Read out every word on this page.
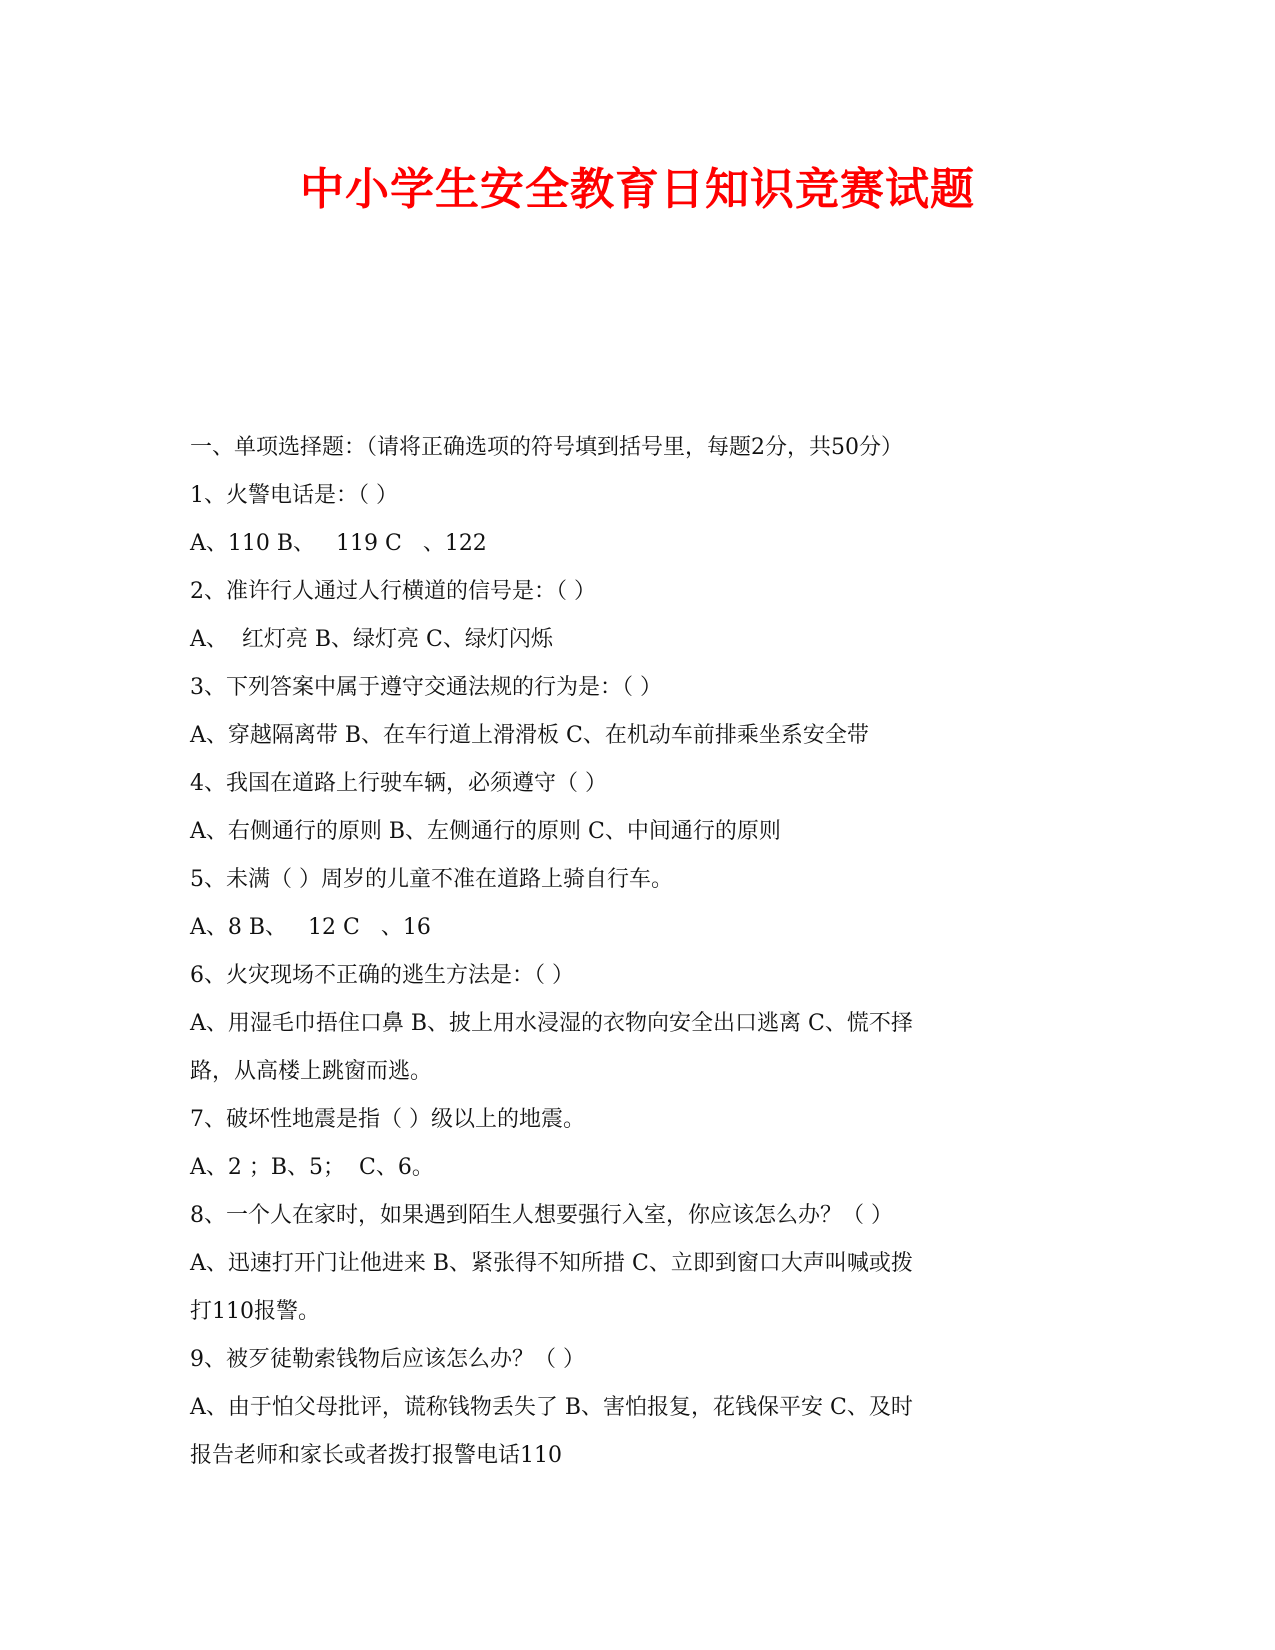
中小学生安全教育日知识竞赛试题

一、单项选择题：（请将正确选项的符号填到括号里，每题2分，共50分）

1、火警电话是：（ ）

A、110 B、   119 C   、122

2、准许行人通过人行横道的信号是：（ ）

A、  红灯亮 B、绿灯亮 C、绿灯闪烁

3、下列答案中属于遵守交通法规的行为是：（ ）

A、穿越隔离带 B、在车行道上滑滑板 C、在机动车前排乘坐系安全带

4、我国在道路上行驶车辆，必须遵守（ ）

A、右侧通行的原则 B、左侧通行的原则 C、中间通行的原则

5、未满（ ）周岁的儿童不准在道路上骑自行车。

A、8 B、   12 C   、16

6、火灾现场不正确的逃生方法是：（ ）

A、用湿毛巾捂住口鼻 B、披上用水浸湿的衣物向安全出口逃离 C、慌不择

路，从高楼上跳窗而逃。

7、破坏性地震是指（ ）级以上的地震。

A、2 ；B、5；  C、6。

8、一个人在家时，如果遇到陌生人想要强行入室，你应该怎么办？（ ）

A、迅速打开门让他进来 B、紧张得不知所措 C、立即到窗口大声叫喊或拨

打110报警。

9、被歹徒勒索钱物后应该怎么办？（ ）

A、由于怕父母批评，谎称钱物丢失了 B、害怕报复，花钱保平安 C、及时

报告老师和家长或者拨打报警电话110
